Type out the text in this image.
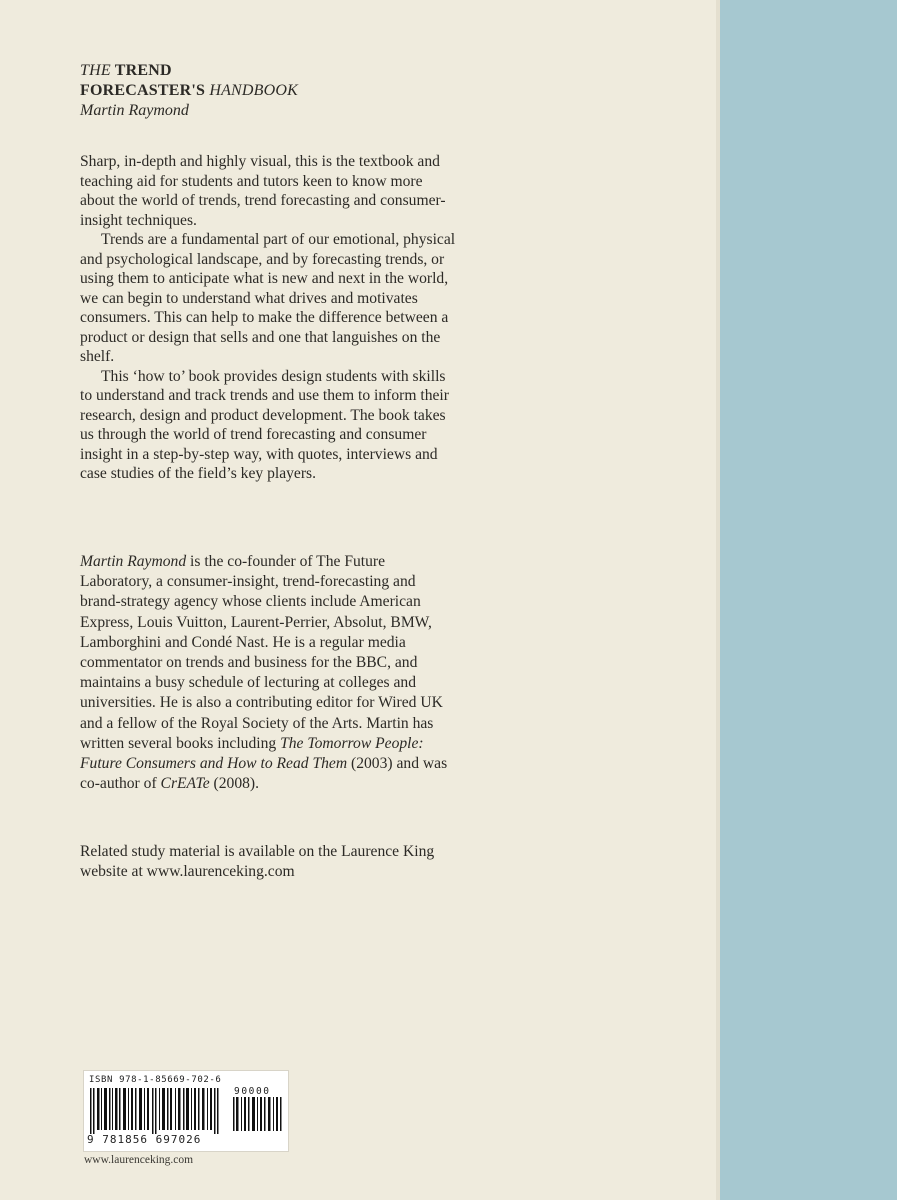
THE TREND
FORECASTER'S HANDBOOK
Martin Raymond

Sharp, in-depth and highly visual, this is the textbook and teaching aid for students and tutors keen to know more about the world of trends, trend forecasting and consumer-insight techniques.

Trends are a fundamental part of our emotional, physical and psychological landscape, and by forecasting trends, or using them to anticipate what is new and next in the world, we can begin to understand what drives and motivates consumers. This can help to make the difference between a product or design that sells and one that languishes on the shelf.

This ‘how to’ book provides design students with skills to understand and track trends and use them to inform their research, design and product development. The book takes us through the world of trend forecasting and consumer insight in a step-by-step way, with quotes, interviews and case studies of the field’s key players.

Martin Raymond is the co-founder of The Future Laboratory, a consumer-insight, trend-forecasting and brand-strategy agency whose clients include American Express, Louis Vuitton, Laurent-Perrier, Absolut, BMW, Lamborghini and Condé Nast. He is a regular media commentator on trends and business for the BBC, and maintains a busy schedule of lecturing at colleges and universities. He is also a contributing editor for Wired UK and a fellow of the Royal Society of the Arts. Martin has written several books including The Tomorrow People: Future Consumers and How to Read Them (2003) and was co-author of CrEATe (2008).

Related study material is available on the Laurence King website at www.laurenceking.com

ISBN 978-1-85669-702-6
90000
9 781856 697026
www.laurenceking.com
